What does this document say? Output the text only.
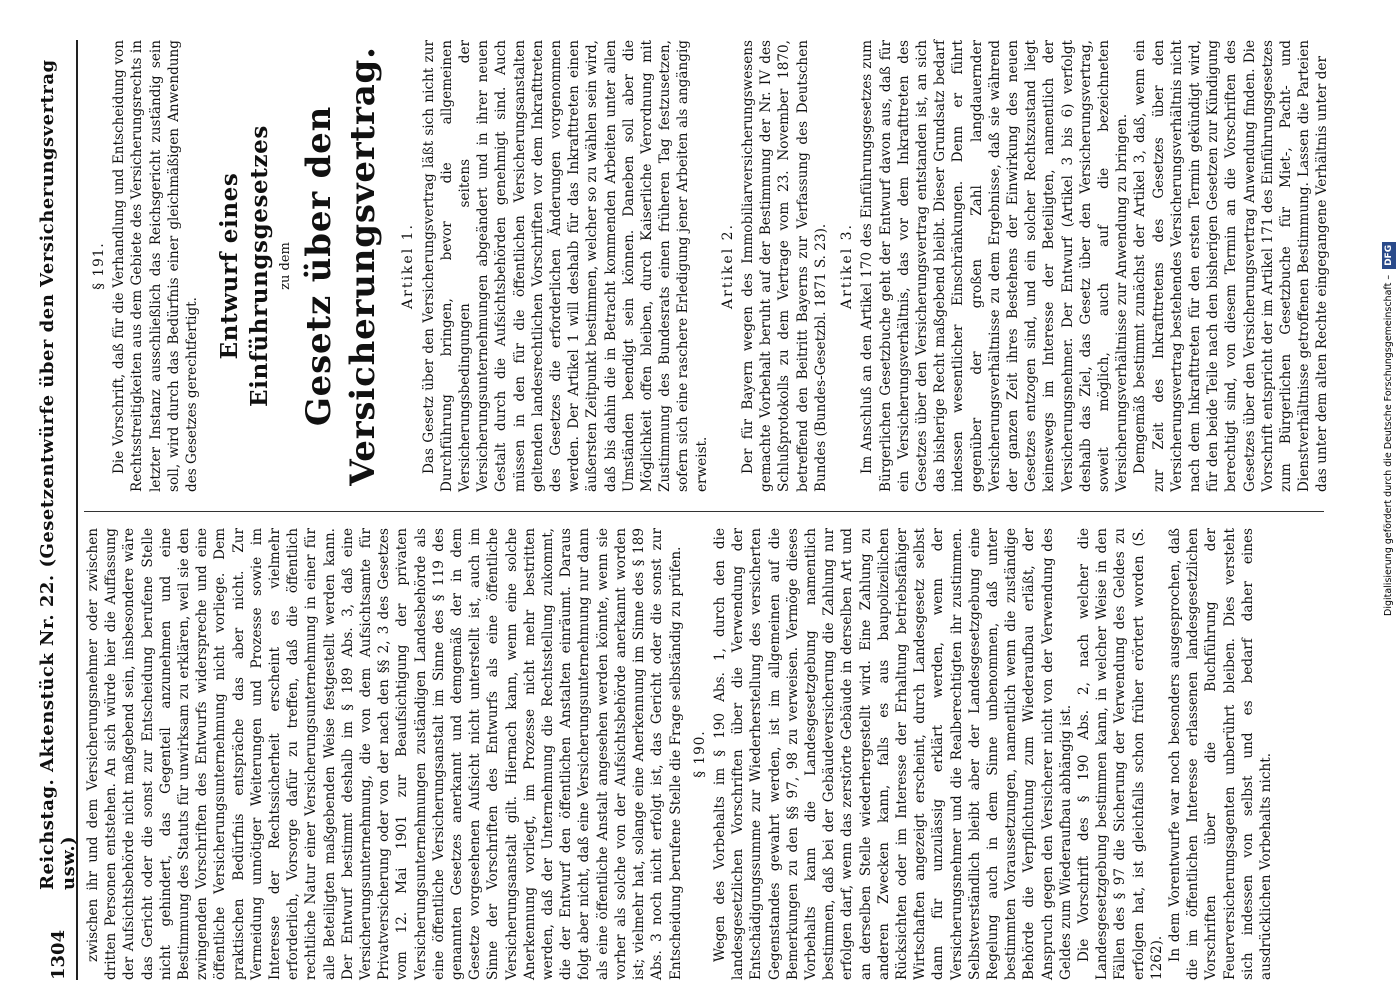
1304
Reichstag. Aktenstück Nr. 22. (Gesetzentwürfe über den Versicherungsvertrag usw.) zwischen ihr und dem Versicherungsnehmer oder zwischen dritten Personen entstehen. An sich würde hier die Auffassung der Aufsichtsbehörde nicht maßgebend sein, insbesondere wäre das Gericht oder die sonst zur Entscheidung berufene Stelle nicht gehindert, das Gegenteil anzunehmen und eine Bestimmung des Statuts für unwirksam zu erklären, weil sie den zwingenden Vorschriften des Entwurfs widerspreche und eine öffentliche Versicherungsunternehmung nicht vorliege. Dem praktischen Bedürfnis entspräche das aber nicht. Zur Vermeidung unnötiger Weiterungen und Prozesse sowie im Interesse der Rechtssicherheit erscheint es vielmehr erforderlich, Vorsorge dafür zu treffen, daß die öffentlich rechtliche Natur einer Versicherungsunternehmung in einer für alle Beteiligten maßgebenden Weise festgestellt werden kann. Der Entwurf bestimmt deshalb im § 189 Abs. 3, daß eine Versicherungsunternehmung, die von dem Aufsichtsamte für Privatversicherung oder von der nach den §§ 2, 3 des Gesetzes vom 12. Mai 1901 zur Beaufsichtigung der privaten Versicherungsunternehmungen zuständigen Landesbehörde als eine öffentliche Versicherungsanstalt im Sinne des § 119 des genannten Gesetzes anerkannt und demgemäß der in dem Gesetze vorgesehenen Aufsicht nicht unterstellt ist, auch im Sinne der Vorschriften des Entwurfs als eine öffentliche Versicherungsanstalt gilt. Hiernach kann, wenn eine solche Anerkennung vorliegt, im Prozesse nicht mehr bestritten werden, daß der Unternehmung die Rechtsstellung zukommt, die der Entwurf den öffentlichen Anstalten einräumt. Daraus folgt aber nicht, daß eine Versicherungsunternehmung nur dann als eine öffentliche Anstalt angesehen werden könnte, wenn sie vorher als solche von der Aufsichtsbehörde anerkannt worden ist; vielmehr hat, solange eine Anerkennung im Sinne des § 189 Abs. 3 noch nicht erfolgt ist, das Gericht oder die sonst zur Entscheidung berufene Stelle die Frage selbständig zu prüfen. § 190. Wegen des Vorbehalts im § 190 Abs. 1, durch den die landesgesetzlichen Vorschriften über die Verwendung der Entschädigungssumme zur Wiederherstellung des versicherten Gegenstandes gewahrt werden, ist im allgemeinen auf die Bemerkungen zu den §§ 97, 98 zu verweisen. Vermöge dieses Vorbehalts kann die Landesgesetzgebung namentlich bestimmen, daß bei der Gebäudeversicherung die Zahlung nur erfolgen darf, wenn das zerstörte Gebäude in derselben Art und an derselben Stelle wiederhergestellt wird. Eine Zahlung zu anderen Zwecken kann, falls es aus baupolizeilichen Rücksichten oder im Interesse der Erhaltung betriebsfähiger Wirtschaften angezeigt erscheint, durch Landesgesetz selbst dann für unzulässig erklärt werden, wenn der Versicherungsnehmer und die Realberechtigten ihr zustimmen. Selbstverständlich bleibt aber der Landesgesetzgebung eine Regelung auch in dem Sinne unbenommen, daß unter bestimmten Voraussetzungen, namentlich wenn die zuständige Behörde die Verpflichtung zum Wiederaufbau erläßt, der Anspruch gegen den Versicherer nicht von der Verwendung des Geldes zum Wiederaufbau abhängig ist. Die Vorschrift des § 190 Abs. 2, nach welcher die Landesgesetzgebung bestimmen kann, in welcher Weise in den Fällen des § 97 die Sicherung der Verwendung des Geldes zu erfolgen hat, ist gleichfalls schon früher erörtert worden (S. 1262). In dem Vorentwurfe war noch besonders ausgesprochen, daß die im öffentlichen Interesse erlassenen landesgesetzlichen Vorschriften über die Buchführung der Feuerversicherungsagenten unberührt bleiben. Dies versteht sich indessen von selbst und es bedarf daher eines ausdrücklichen Vorbehalts nicht.

§ 191. Die Vorschrift, daß für die Verhandlung und Entscheidung von Rechtsstreitigkeiten aus dem Gebiete des Versicherungsrechts in letzter Instanz ausschließlich das Reichsgericht zuständig sein soll, wird durch das Bedürfnis einer gleichmäßigen Anwendung des Gesetzes gerechtfertigt.

Entwurf eines Einführungsgesetzes zu dem Gesetz über den Versicherungsvertrag. Artikel 1. Das Gesetz über den Versicherungsvertrag läßt sich nicht zur Durchführung bringen, bevor die allgemeinen Versicherungsbedingungen seitens der Versicherungsunternehmungen abgeändert und in ihrer neuen Gestalt durch die Aufsichtsbehörden genehmigt sind. Auch müssen in den für die öffentlichen Versicherungsanstalten geltenden landesrechtlichen Vorschriften vor dem Inkrafttreten des Gesetzes die erforderlichen Änderungen vorgenommen werden. Der Artikel 1 will deshalb für das Inkrafttreten einen äußersten Zeitpunkt bestimmen, welcher so zu wählen sein wird, daß bis dahin die in Betracht kommenden Arbeiten unter allen Umständen beendigt sein können. Daneben soll aber die Möglichkeit offen bleiben, durch Kaiserliche Verordnung mit Zustimmung des Bundesrats einen früheren Tag festzusetzen, sofern sich eine raschere Erledigung jener Arbeiten als angängig erweist.

Artikel 2. Der für Bayern wegen des Immobiliarversicherungswesens gemachte Vorbehalt beruht auf der Bestimmung der Nr. IV des Schlußprotokolls zu dem Vertrage vom 23. November 1870, betreffend den Beitritt Bayerns zur Verfassung des Deutschen Bundes (Bundes-Gesetzbl. 1871 S. 23). Artikel 3. Im Anschluß an den Artikel 170 des Einführungsgesetzes zum Bürgerlichen Gesetzbuche geht der Entwurf davon aus, daß für ein Versicherungsverhältnis, das vor dem Inkrafttreten des Gesetzes über den Versicherungsvertrag entstanden ist, an sich das bisherige Recht maßgebend bleibt. Dieser Grundsatz bedarf indessen wesentlicher Einschränkungen. Denn er führt gegenüber der großen Zahl langdauernder Versicherungsverhältnisse zu dem Ergebnisse, daß sie während der ganzen Zeit ihres Bestehens der Einwirkung des neuen Gesetzes entzogen sind, und ein solcher Rechtszustand liegt keineswegs im Interesse der Beteiligten, namentlich der Versicherungsnehmer. Der Entwurf (Artikel 3 bis 6) verfolgt deshalb das Ziel, das Gesetz über den Versicherungsvertrag, soweit möglich, auch auf die bezeichneten Versicherungsverhältnisse zur Anwendung zu bringen. Demgemäß bestimmt zunächst der Artikel 3, daß, wenn ein zur Zeit des Inkrafttretens des Gesetzes über den Versicherungsvertrag bestehendes Versicherungsverhältnis nicht nach dem Inkrafttreten für den ersten Termin gekündigt wird, für den beide Teile nach den bisherigen Gesetzen zur Kündigung berechtigt sind, von diesem Termin an die Vorschriften des Gesetzes über den Versicherungsvertrag Anwendung finden. Die Vorschrift entspricht der im Artikel 171 des Einführungsgesetzes zum Bürgerlichen Gesetzbuche für Miet-, Pacht- und Dienstverhältnisse getroffenen Bestimmung. Lassen die Parteien das unter dem alten Rechte eingegangene Verhältnis unter der	Digitalisierung gefördert durch die Deutsche Forschungsgemeinschaft –
DFG
